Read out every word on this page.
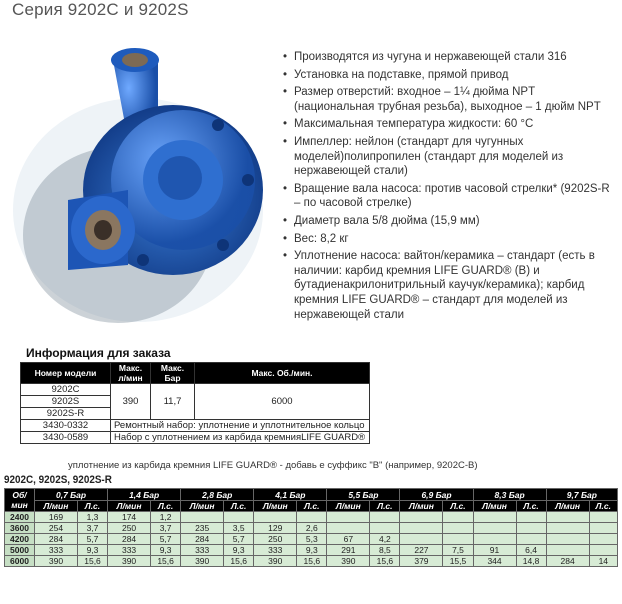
Серия 9202С и 9202S
• Производятся из чугуна и нержавеющей стали 316
• Установка на подставке, прямой привод
• Размер отверстий: входное – 1¼ дюйма NPT (национальная трубная резьба), выходное – 1 дюйм NPT
• Максимальная температура жидкости: 60 °C
• Импеллер: нейлон (стандарт для чугунных моделей)полипропилен (стандарт для моделей из нержавеющей стали)
• Вращение вала насоса: против часовой стрелки* (9202S-R – по часовой стрелке)
• Диаметр вала 5/8 дюйма (15,9 мм)
• Вес: 8,2 кг
• Уплотнение насоса: вайтон/керамика – стандарт (есть в наличии: карбид кремния LIFE GUARD® (В) и бутадиенакрилонитрильный каучук/керамика); карбид кремния LIFE GUARD® – стандарт для моделей из нержавеющей стали
Информация для заказа
Номер модели	Макс. л/мин	Макс. Бар	Макс. Об./мин.
9202C	390	11,7	6000
9202S			
9202S-R			
3430-0332	Ремонтный набор: уплотнение и уплотнительное кольцо		
3430-0589	Набор с уплотнением из карбида кремнияLIFE GUARD®		
уплотнение из карбида кремния LIFE GUARD® - добавь е суффикс "В" (например, 9202С-В)
9202C, 9202S, 9202S-R
Об/ мин	0,7 Бар		1,4 Бар		2,8 Бар		4,1 Бар		5,5 Бар		6,9 Бар		8,3 Бар		9,7 Бар	
	Л/мин	Л.с.	Л/мин	Л.с.	Л/мин	Л.с.	Л/мин	Л.с.	Л/мин	Л.с.	Л/мин	Л.с.	Л/мин	Л.с.	Л/мин	Л.с.
2400	169	1,3	174	1,2												
3600	254	3,7	250	3,7	235	3,5	129	2,6								
4200	284	5,7	284	5,7	284	5,7	250	5,3	67	4,2						
5000	333	9,3	333	9,3	333	9,3	333	9,3	291	8,5	227	7,5	91	6,4		
6000	390	15,6	390	15,6	390	15,6	390	15,6	390	15,6	379	15,5	344	14,8	284	14
